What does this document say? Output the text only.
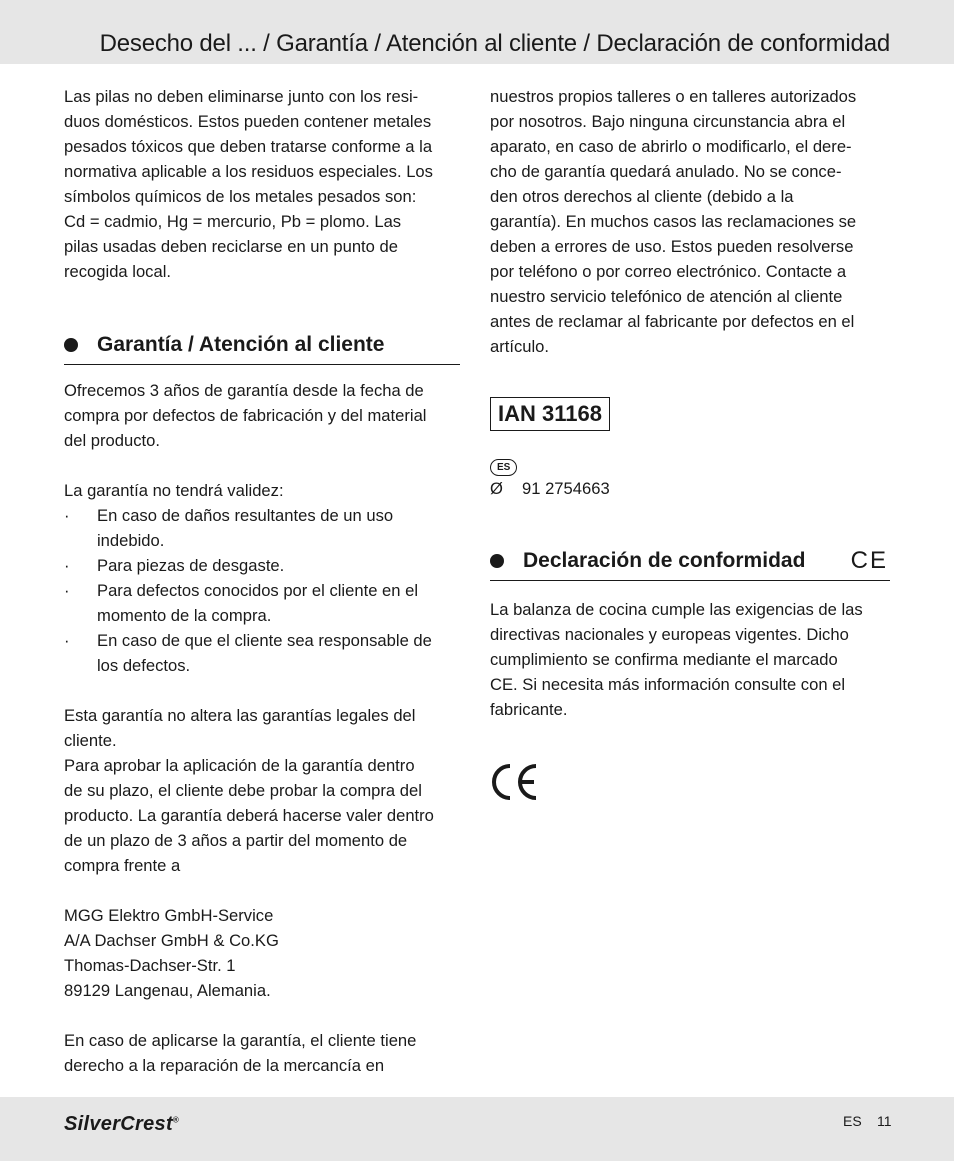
Desecho del ... / Garantía / Atención al cliente / Declaración de conformidad

Las pilas no deben eliminarse junto con los resi-

duos domésticos. Estos pueden contener metales

pesados tóxicos que deben tratarse conforme a la

normativa aplicable a los residuos especiales. Los

símbolos químicos de los metales pesados son:

Cd = cadmio, Hg = mercurio, Pb = plomo. Las

pilas usadas deben reciclarse en un punto de

recogida local.

Garantía / Atención al cliente

Ofrecemos 3 años de garantía desde la fecha de

compra por defectos de fabricación y del material

del producto.

La garantía no tendrá validez:

· En caso de daños resultantes de un uso
indebido.
· Para piezas de desgaste.
· Para defectos conocidos por el cliente en el
momento de la compra.
· En caso de que el cliente sea responsable de
los defectos.

Esta garantía no altera las garantías legales del

cliente.

Para aprobar la aplicación de la garantía dentro

de su plazo, el cliente debe probar la compra del

producto. La garantía deberá hacerse valer dentro

de un plazo de 3 años a partir del momento de

compra frente a

MGG Elektro GmbH-Service

A/A Dachser GmbH & Co.KG

Thomas-Dachser-Str. 1

89129 Langenau, Alemania.

En caso de aplicarse la garantía, el cliente tiene

derecho a la reparación de la mercancía en

nuestros propios talleres o en talleres autorizados

por nosotros. Bajo ninguna circunstancia abra el

aparato, en caso de abrirlo o modificarlo, el dere-

cho de garantía quedará anulado. No se conce-

den otros derechos al cliente (debido a la

garantía). En muchos casos las reclamaciones se

deben a errores de uso. Estos pueden resolverse

por teléfono o por correo electrónico. Contacte a

nuestro servicio telefónico de atención al cliente

antes de reclamar al fabricante por defectos en el

artículo.

IAN 31168
ES
Ø 91 2754663
Declaración de conformidad CE

La balanza de cocina cumple las exigencias de las

directivas nacionales y europeas vigentes. Dicho

cumplimiento se confirma mediante el marcado

CE. Si necesita más información consulte con el

fabricante.

SilverCrest®	ES 11
